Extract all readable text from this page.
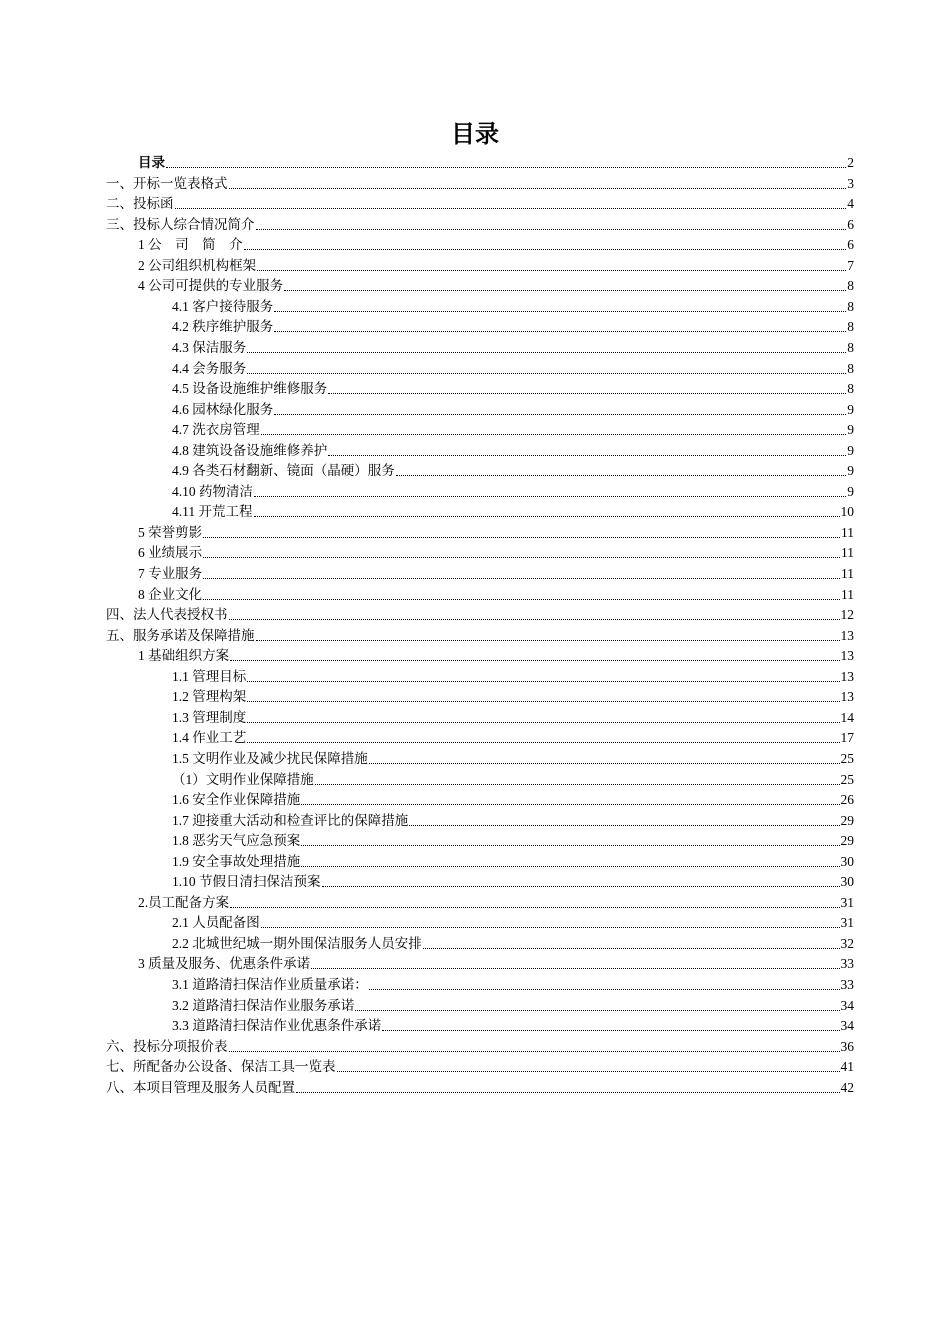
目录
目录	2
一、开标一览表格式	3
二、投标函	4
三、投标人综合情况简介	6
1 公　司　简　介	6
2 公司组织机构框架	7
4 公司可提供的专业服务	8
4.1 客户接待服务	8
4.2 秩序维护服务	8
4.3 保洁服务	8
4.4 会务服务	8
4.5 设备设施维护维修服务	8
4.6 园林绿化服务	9
4.7 洗衣房管理	9
4.8 建筑设备设施维修养护	9
4.9 各类石材翻新、镜面（晶硬）服务	9
4.10 药物清洁	9
4.11 开荒工程	10
5 荣誉剪影	11
6 业绩展示	11
7 专业服务	11
8 企业文化	11
四、法人代表授权书	12
五、服务承诺及保障措施	13
1 基础组织方案	13
1.1 管理目标	13
1.2 管理构架	13
1.3 管理制度	14
1.4 作业工艺	17
1.5 文明作业及减少扰民保障措施	25
（1）文明作业保障措施	25
1.6 安全作业保障措施	26
1.7 迎接重大活动和检查评比的保障措施	29
1.8 恶劣天气应急预案	29
1.9 安全事故处理措施	30
1.10 节假日清扫保洁预案	30
2.员工配备方案	31
2.1 人员配备图	31
2.2 北城世纪城一期外围保洁服务人员安排	32
3 质量及服务、优惠条件承诺	33
3.1 道路清扫保洁作业质量承诺：	33
3.2 道路清扫保洁作业服务承诺	34
3.3 道路清扫保洁作业优惠条件承诺	34
六、投标分项报价表	36
七、所配备办公设备、保洁工具一览表	41
八、本项目管理及服务人员配置	42
